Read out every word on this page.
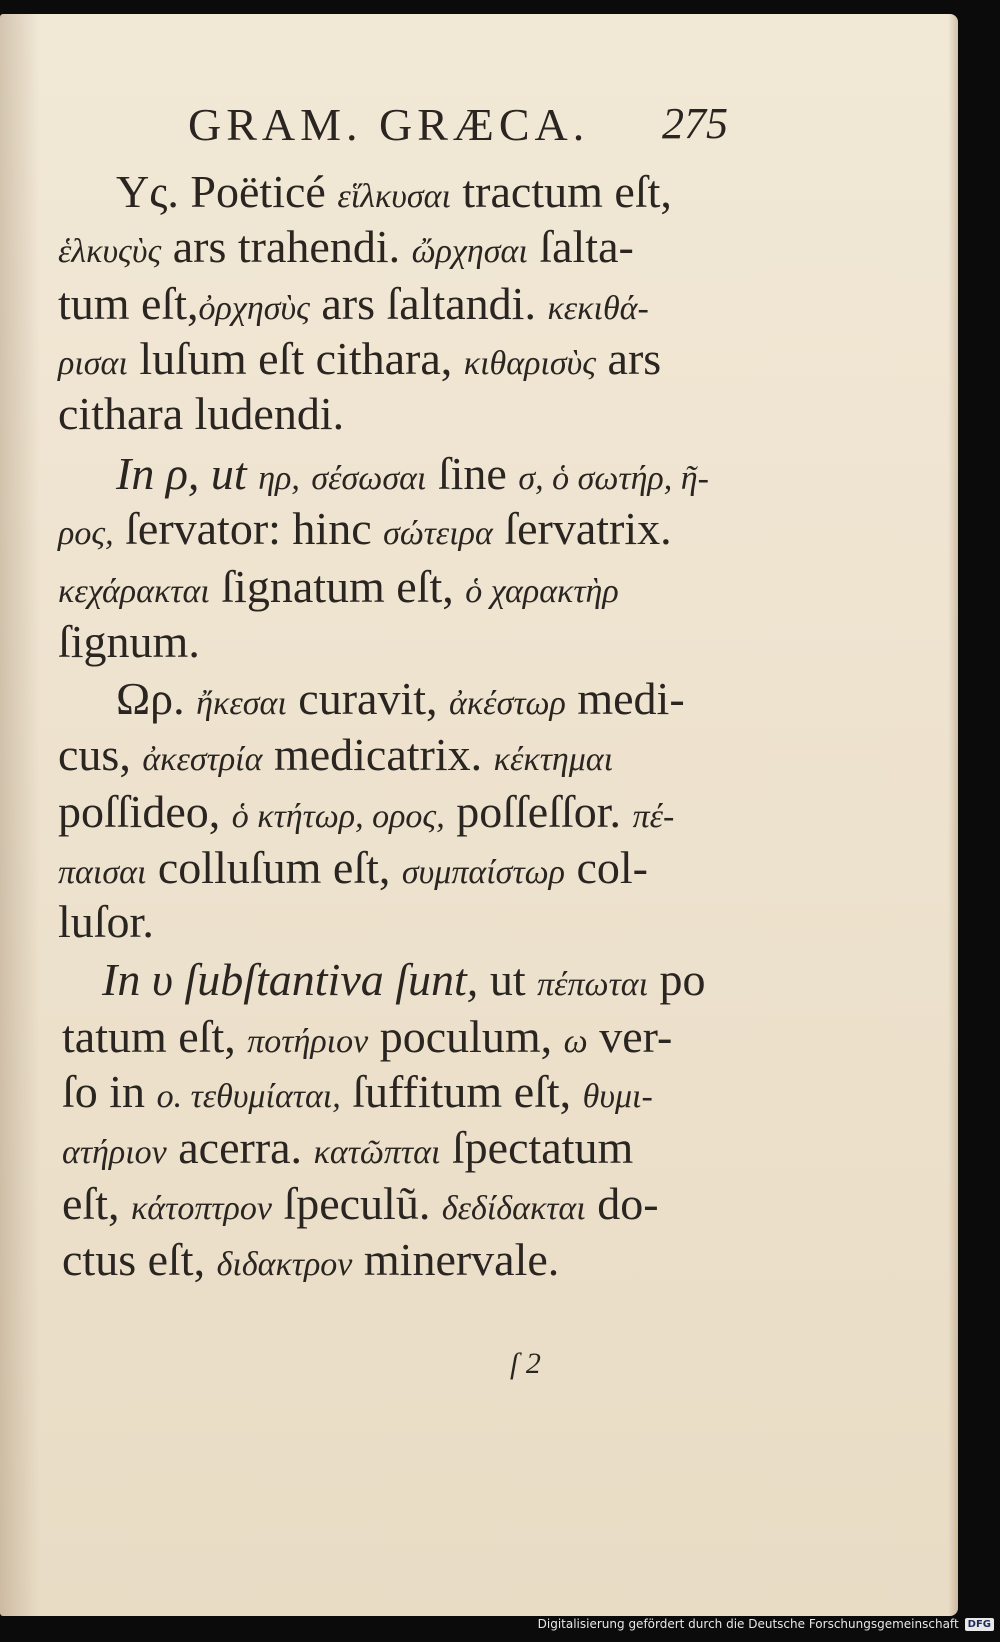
GRAM. GRÆCA. 275
Υς. Poëticé εἵλκυσαι tractum eſt,
ἑλκυςὺς ars trahendi. ὤρχησαι ſalta-
tum eſt,ὀρχησὺς ars ſaltandi. κεκιθά-
ρισαι luſum eſt cithara, κιθαρισὺς ars
cithara ludendi.
In ρ, ut ηρ, σέσωσαι ſine σ, ὁ σωτήρ, ῆ-
ρος, ſervator: hinc σώτειρα ſervatrix.
κεχάρακται ſignatum eſt, ὁ χαρακτὴρ
ſignum.
Ωρ. ἤκεσαι curavit, ἀκέστωρ medi-
cus, ἀκεστρία medicatrix. κέκτημαι
poſſideo, ὁ κτήτωρ, ορος, poſſeſſor. πέ-
παισαι colluſum eſt, συμπαίστωρ col-
luſor.
In υ ſubſtantiva ſunt, ut πέπωται po
tatum eſt, ποτήριον poculum, ω ver-
ſo in ο. τεθυμίαται, ſuffitum eſt, θυμι-
ατήριον acerra. κατῶπται ſpectatum
eſt, κάτοπτρον ſpeculũ. δεδίδακται do-
ctus eſt, διδακτρον minervale.
ſ 2
Digitalisierung gefördert durch die Deutsche Forschungsgemeinschaft DFG
